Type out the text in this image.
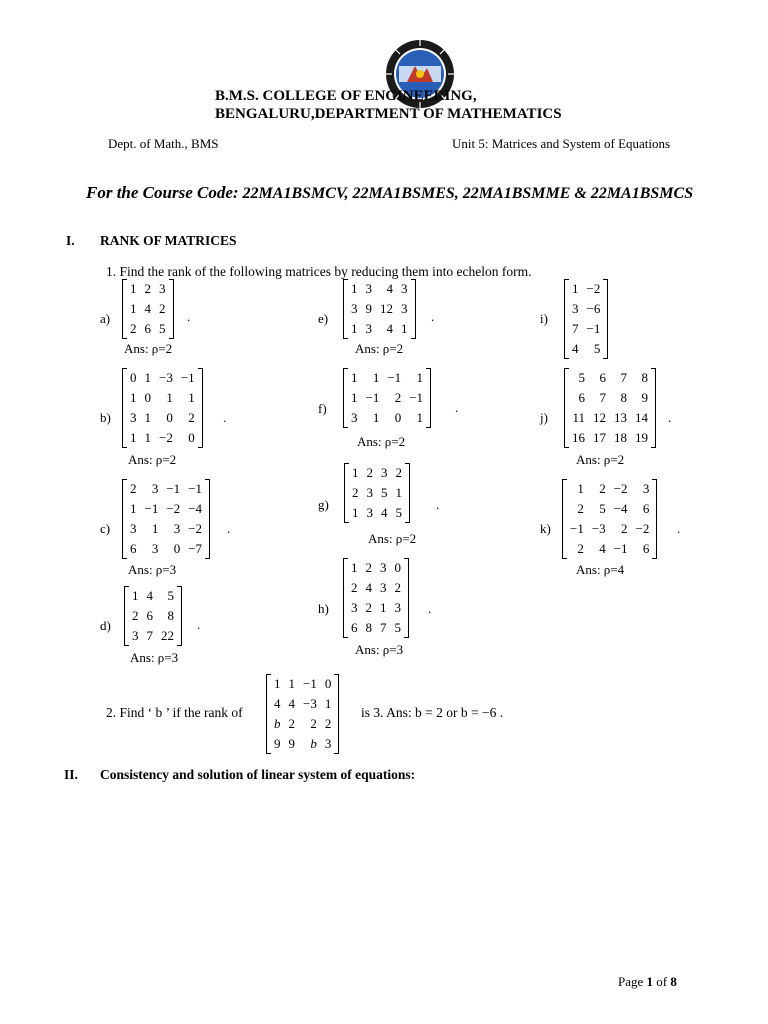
B.M.S. COLLEGE OF ENGINEERING,
BENGALURU,DEPARTMENT OF MATHEMATICS
Dept. of Math., BMS	Unit 5: Matrices and System of Equations
For the Course Code: 22MA1BSMCV, 22MA1BSMES, 22MA1BSMME & 22MA1BSMCS
I. RANK OF MATRICES
1. Find the rank of the following matrices by reducing them into echelon form.
a)
1	2	3
1	4	2
2	6	5
.
Ans: ρ=2
b)
0	1	−3	−1
1	0	1	1
3	1	0	2
1	1	−2	0
.
Ans: ρ=2
c)
2	3	−1	−1
1	−1	−2	−4
3	1	3	−2
6	3	0	−7
.
Ans: ρ=3
d)
1	4	5
2	6	8
3	7	22
.
Ans: ρ=3
e)
1	3	4	3
3	9	12	3
1	3	4	1
.
Ans: ρ=2
f)
1	1	−1	1
1	−1	2	−1
3	1	0	1
.
Ans: ρ=2
g)
1	2	3	2
2	3	5	1
1	3	4	5
.
Ans: ρ=2
h)
1	2	3	0
2	4	3	2
3	2	1	3
6	8	7	5
.
Ans: ρ=3
i)
1	−2
3	−6
7	−1
4	5
j)
5	6	7	8
6	7	8	9
11	12	13	14
16	17	18	19
.
Ans: ρ=2
k)
1	2	−2	3
2	5	−4	6
−1	−3	2	−2
2	4	−1	6
.
Ans: ρ=4
2. Find ‘ b ’ if the rank of
1	1	−1	0
4	4	−3	1
b	2	2	2
9	9	b	3
is 3. Ans: b = 2 or b = −6 .
II. Consistency and solution of linear system of equations:
Page 1 of 8
